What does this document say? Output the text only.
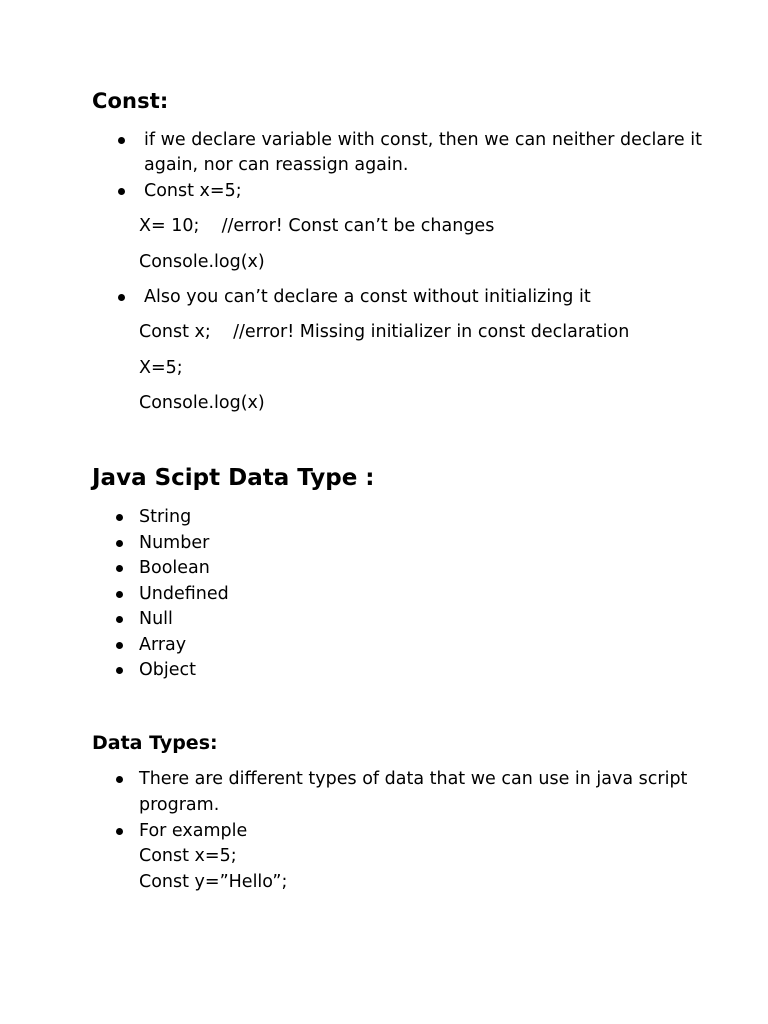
Const:
if we declare variable with const, then we can neither declare it
again, nor can reassign again.
Const x=5;
X= 10;    //error! Const can’t be changes
Console.log(x)
Also you can’t declare a const without initializing it
Const x;    //error! Missing initializer in const declaration
X=5;
Console.log(x)
Java Scipt Data Type :
String
Number
Boolean
Undefined
Null
Array
Object
Data Types:
There are different types of data that we can use in java script
program.
For example
Const x=5;
Const y=”Hello”;
